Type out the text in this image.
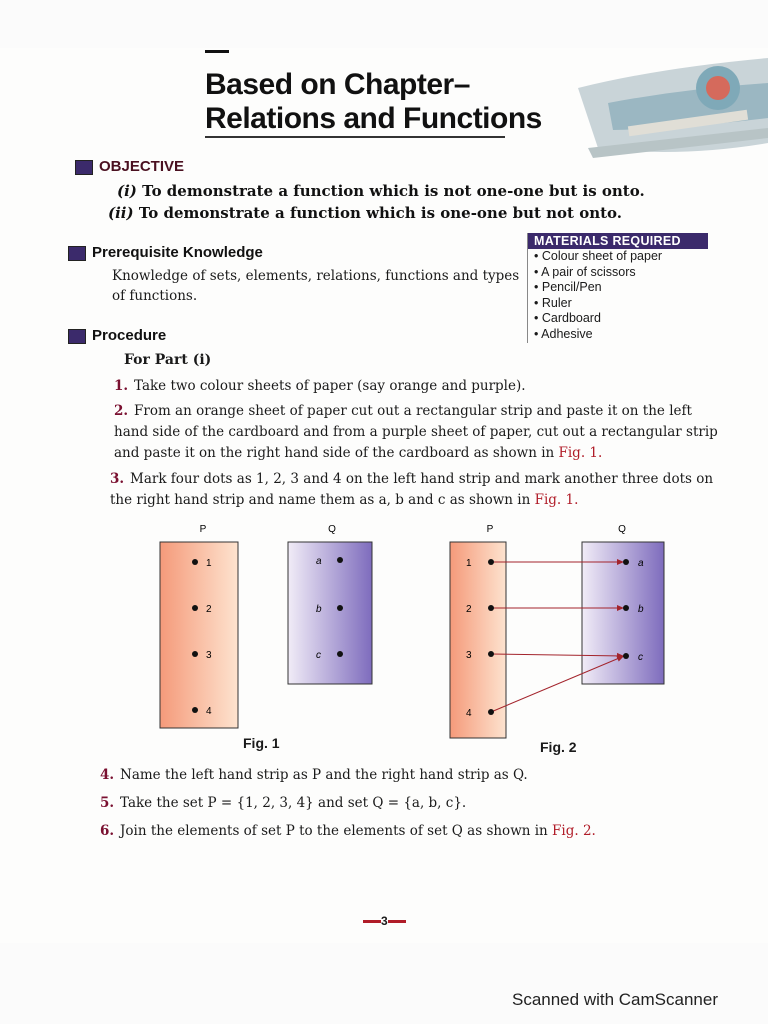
Based on Chapter–
Relations and Functions
OBJECTIVE
(i) To demonstrate a function which is not one-one but is onto.
(ii) To demonstrate a function which is one-one but not onto.
Prerequisite Knowledge
Knowledge of sets, elements, relations, functions and types of functions.
MATERIALS REQUIRED
• Colour sheet of paper
• A pair of scissors
• Pencil/Pen
• Ruler
• Cardboard
• Adhesive
Procedure
For Part (i)
1. Take two colour sheets of paper (say orange and purple).
2. From an orange sheet of paper cut out a rectangular strip and paste it on the left hand side of the cardboard and from a purple sheet of paper, cut out a rectangular strip and paste it on the right hand side of the cardboard as shown in Fig. 1.
3. Mark four dots as 1, 2, 3 and 4 on the left hand strip and mark another three dots on the right hand strip and name them as a, b and c as shown in Fig. 1.
P	Q
1
2
3
4
a
b
c
P	Q
1
2
3
4
a
b
c
Fig. 1	Fig. 2
4. Name the left hand strip as P and the right hand strip as Q.
5. Take the set P = {1, 2, 3, 4} and set Q = {a, b, c}.
6. Join the elements of set P to the elements of set Q as shown in Fig. 2.
3
Scanned with CamScanner
